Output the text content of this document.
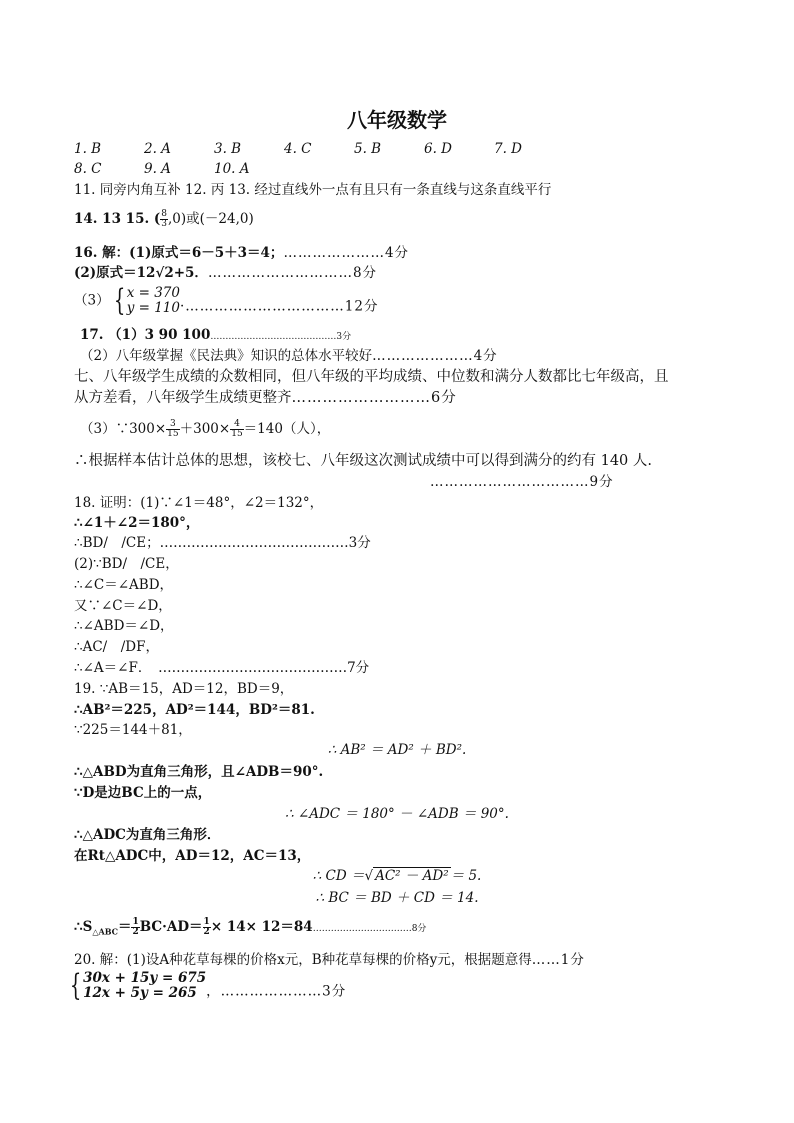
八年级数学
1. B	2. A	3. B	4. C	5. B	6. D	7. D
8. C	9. A	10. A
11. 同旁内角互补 12. 丙 13. 经过直线外一点有且只有一条直线与这条直线平行
14. 13 15. ( $\frac{8}{3} ,0$)或(－24,0)
16. 解：(1)原式＝6－5＋3＝4；…………………4分
(2)原式＝12√2+5．…………………………8分
（3） { x = 370
y = 110 ·……………………………12分
17. （1）3 90 100……………………………………3分
（2）八年级掌握《民法典》知识的总体水平较好…………………4分
七、八年级学生成绩的众数相同，但八年级的平均成绩、中位数和满分人数都比七年级高，且
从方差看，八年级学生成绩更整齐………………………6分
（3）∵300× $\frac{3}{15} +300\times \frac{4}{15} =140$（人），
∴根据样本估计总体的思想，该校七、八年级这次测试成绩中可以得到满分的约有 140 人.
……………………………9分
18. 证明：(1)∵∠1＝48°，∠2＝132°，
∴∠1＋∠2＝180°，
∴BD/　/CE；……………………………………3分
(2)∵BD/　/CE，
∴∠C＝∠ABD，
又∵∠C＝∠D，
∴∠ABD＝∠D，
∴AC/　/DF，
∴∠A＝∠F．　……………………………………7分
19. ∵AB＝15，AD＝12，BD＝9，
∴AB²＝225，AD²＝144，BD²＝81.
∵225＝144＋81，
∴ AB² ＝ AD² ＋ BD².
∴△ABD为直角三角形，且∠ADB＝90°.
∵D是边BC上的一点，
∴ ∠ADC ＝ 180° － ∠ADB ＝ 90°.
∴△ADC为直角三角形．
在Rt△ADC中，AD＝12，AC＝13，
∴ CD ＝√ AC² － AD² ＝ 5.
∴ BC ＝ BD ＋ CD ＝ 14.
$\therefore S_{\triangle ABC}= \frac{1}{2} BC\cdot AD= \frac{1}{2} \times 14\times$ 12＝84……………………………8分
20. 解：(1)设A种花草每棵的价格x元，B种花草每棵的价格y元，根据题意得……1分
{ 30x + 15y = 675
12x + 5y = 265 ，…………………3分
